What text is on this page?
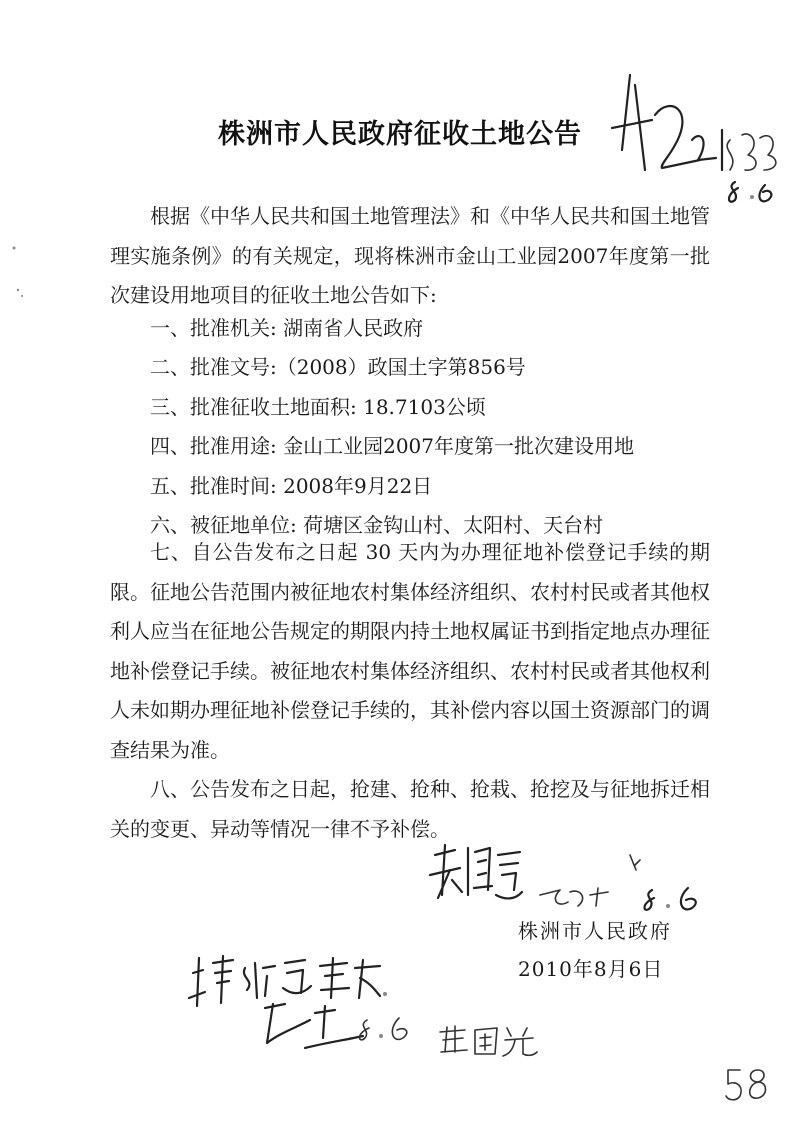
株洲市人民政府征收土地公告

根据《中华人民共和国土地管理法》和《中华人民共和国土地管理实施条例》的有关规定，现将株洲市金山工业园2007年度第一批次建设用地项目的征收土地公告如下:

一、批准机关: 湖南省人民政府
二、批准文号:（2008）政国土字第856号
三、批准征收土地面积: 18.7103公顷
四、批准用途: 金山工业园2007年度第一批次建设用地
五、批准时间: 2008年9月22日
六、被征地单位: 荷塘区金钩山村、太阳村、天台村

七、自公告发布之日起 30 天内为办理征地补偿登记手续的期限。征地公告范围内被征地农村集体经济组织、农村村民或者其他权利人应当在征地公告规定的期限内持土地权属证书到指定地点办理征地补偿登记手续。被征地农村集体经济组织、农村村民或者其他权利人未如期办理征地补偿登记手续的，其补偿内容以国土资源部门的调查结果为准。

八、公告发布之日起，抢建、抢种、抢栽、抢挖及与征地拆迁相关的变更、异动等情况一律不予补偿。

株洲市人民政府
2010年8月6日
